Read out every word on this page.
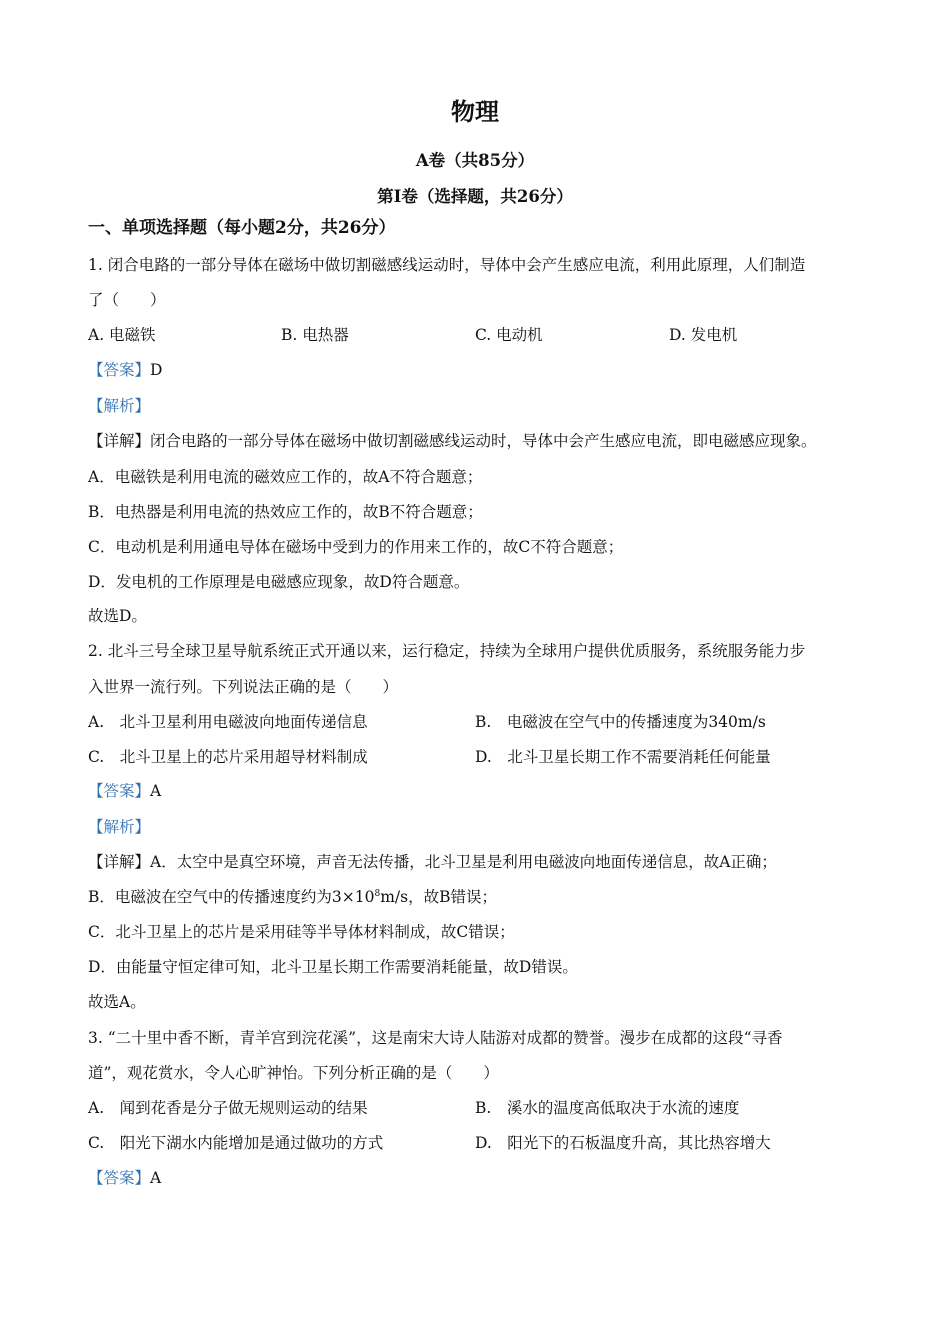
物理
A卷（共85分）
第Ⅰ卷（选择题，共26分）
一、单项选择题（每小题2分，共26分）
1. 闭合电路的一部分导体在磁场中做切割磁感线运动时，导体中会产生感应电流，利用此原理，人们制造
了（　　）
A. 电磁铁	B. 电热器	C. 电动机	D. 发电机
【答案】D
【解析】
【详解】闭合电路的一部分导体在磁场中做切割磁感线运动时，导体中会产生感应电流，即电磁感应现象。
A．电磁铁是利用电流的磁效应工作的，故A不符合题意；
B．电热器是利用电流的热效应工作的，故B不符合题意；
C．电动机是利用通电导体在磁场中受到力的作用来工作的，故C不符合题意；
D．发电机的工作原理是电磁感应现象，故D符合题意。
故选D。
2. 北斗三号全球卫星导航系统正式开通以来，运行稳定，持续为全球用户提供优质服务，系统服务能力步
入世界一流行列。下列说法正确的是（　　）
A.　北斗卫星利用电磁波向地面传递信息	B.　电磁波在空气中的传播速度为340m/s
C.　北斗卫星上的芯片采用超导材料制成	D.　北斗卫星长期工作不需要消耗任何能量
【答案】A
【解析】
【详解】A．太空中是真空环境，声音无法传播，北斗卫星是利用电磁波向地面传递信息，故A正确；
B．电磁波在空气中的传播速度约为$3\times 10^8m/s$，故B错误；
C．北斗卫星上的芯片是采用硅等半导体材料制成，故C错误；
D．由能量守恒定律可知，北斗卫星长期工作需要消耗能量，故D错误。
故选A。
3. “二十里中香不断，青羊宫到浣花溪”，这是南宋大诗人陆游对成都的赞誉。漫步在成都的这段“寻香
道”，观花赏水，令人心旷神怡。下列分析正确的是（　　）
A.　闻到花香是分子做无规则运动的结果	B.　溪水的温度高低取决于水流的速度
C.　阳光下湖水内能增加是通过做功的方式	D.　阳光下的石板温度升高，其比热容增大
【答案】A
